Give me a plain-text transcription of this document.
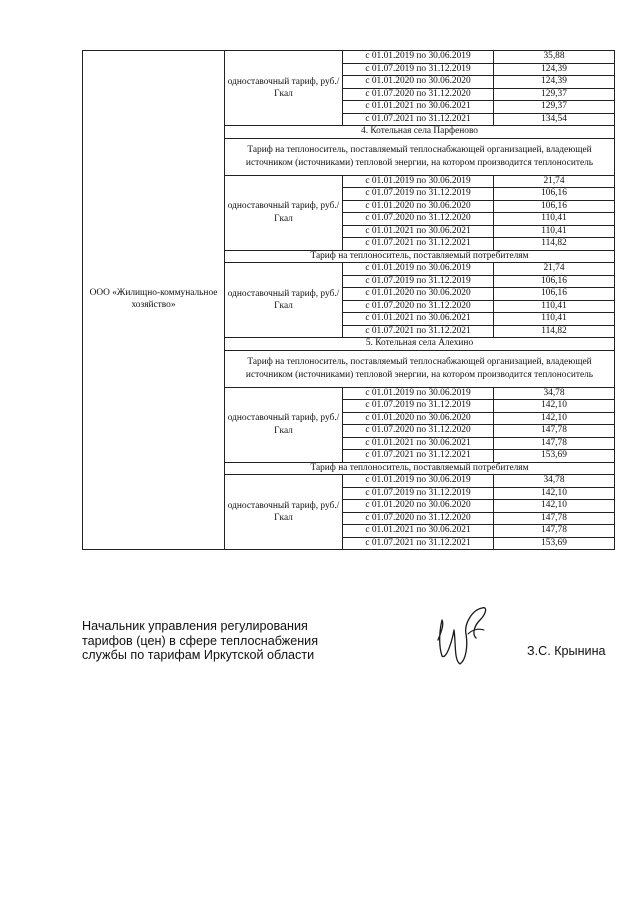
ООО «Жилищно-коммунальное хозяйство»	одноставочный тариф, руб./Гкал	с 01.01.2019 по 30.06.2019	35,88
		с 01.07.2019 по 31.12.2019	124,39
		с 01.01.2020 по 30.06.2020	124,39
		с 01.07.2020 по 31.12.2020	129,37
		с 01.01.2021 по 30.06.2021	129,37
		с 01.07.2021 по 31.12.2021	134,54
	4. Котельная села Парфеново		
	Тариф на теплоноситель, поставляемый теплоснабжающей организацией, владеющей источником (источниками) тепловой энергии, на котором производится теплоноситель		
	одноставочный тариф, руб./Гкал	с 01.01.2019 по 30.06.2019	21,74
		с 01.07.2019 по 31.12.2019	106,16
		с 01.01.2020 по 30.06.2020	106,16
		с 01.07.2020 по 31.12.2020	110,41
		с 01.01.2021 по 30.06.2021	110,41
		с 01.07.2021 по 31.12.2021	114,82
	Тариф на теплоноситель, поставляемый потребителям		
	одноставочный тариф, руб./Гкал	с 01.01.2019 по 30.06.2019	21,74
		с 01.07.2019 по 31.12.2019	106,16
		с 01.01.2020 по 30.06.2020	106,16
		с 01.07.2020 по 31.12.2020	110,41
		с 01.01.2021 по 30.06.2021	110,41
		с 01.07.2021 по 31.12.2021	114,82
	5. Котельная села Алехино		
	Тариф на теплоноситель, поставляемый теплоснабжающей организацией, владеющей источником (источниками) тепловой энергии, на котором производится теплоноситель		
	одноставочный тариф, руб./Гкал	с 01.01.2019 по 30.06.2019	34,78
		с 01.07.2019 по 31.12.2019	142,10
		с 01.01.2020 по 30.06.2020	142,10
		с 01.07.2020 по 31.12.2020	147,78
		с 01.01.2021 по 30.06.2021	147,78
		с 01.07.2021 по 31.12.2021	153,69
	Тариф на теплоноситель, поставляемый потребителям		
	одноставочный тариф, руб./Гкал	с 01.01.2019 по 30.06.2019	34,78
		с 01.07.2019 по 31.12.2019	142,10
		с 01.01.2020 по 30.06.2020	142,10
		с 01.07.2020 по 31.12.2020	147,78
		с 01.01.2021 по 30.06.2021	147,78
		с 01.07.2021 по 31.12.2021	153,69
Начальник управления регулирования
тарифов (цен) в сфере теплоснабжения
службы по тарифам Иркутской области	З.С. Крынина
